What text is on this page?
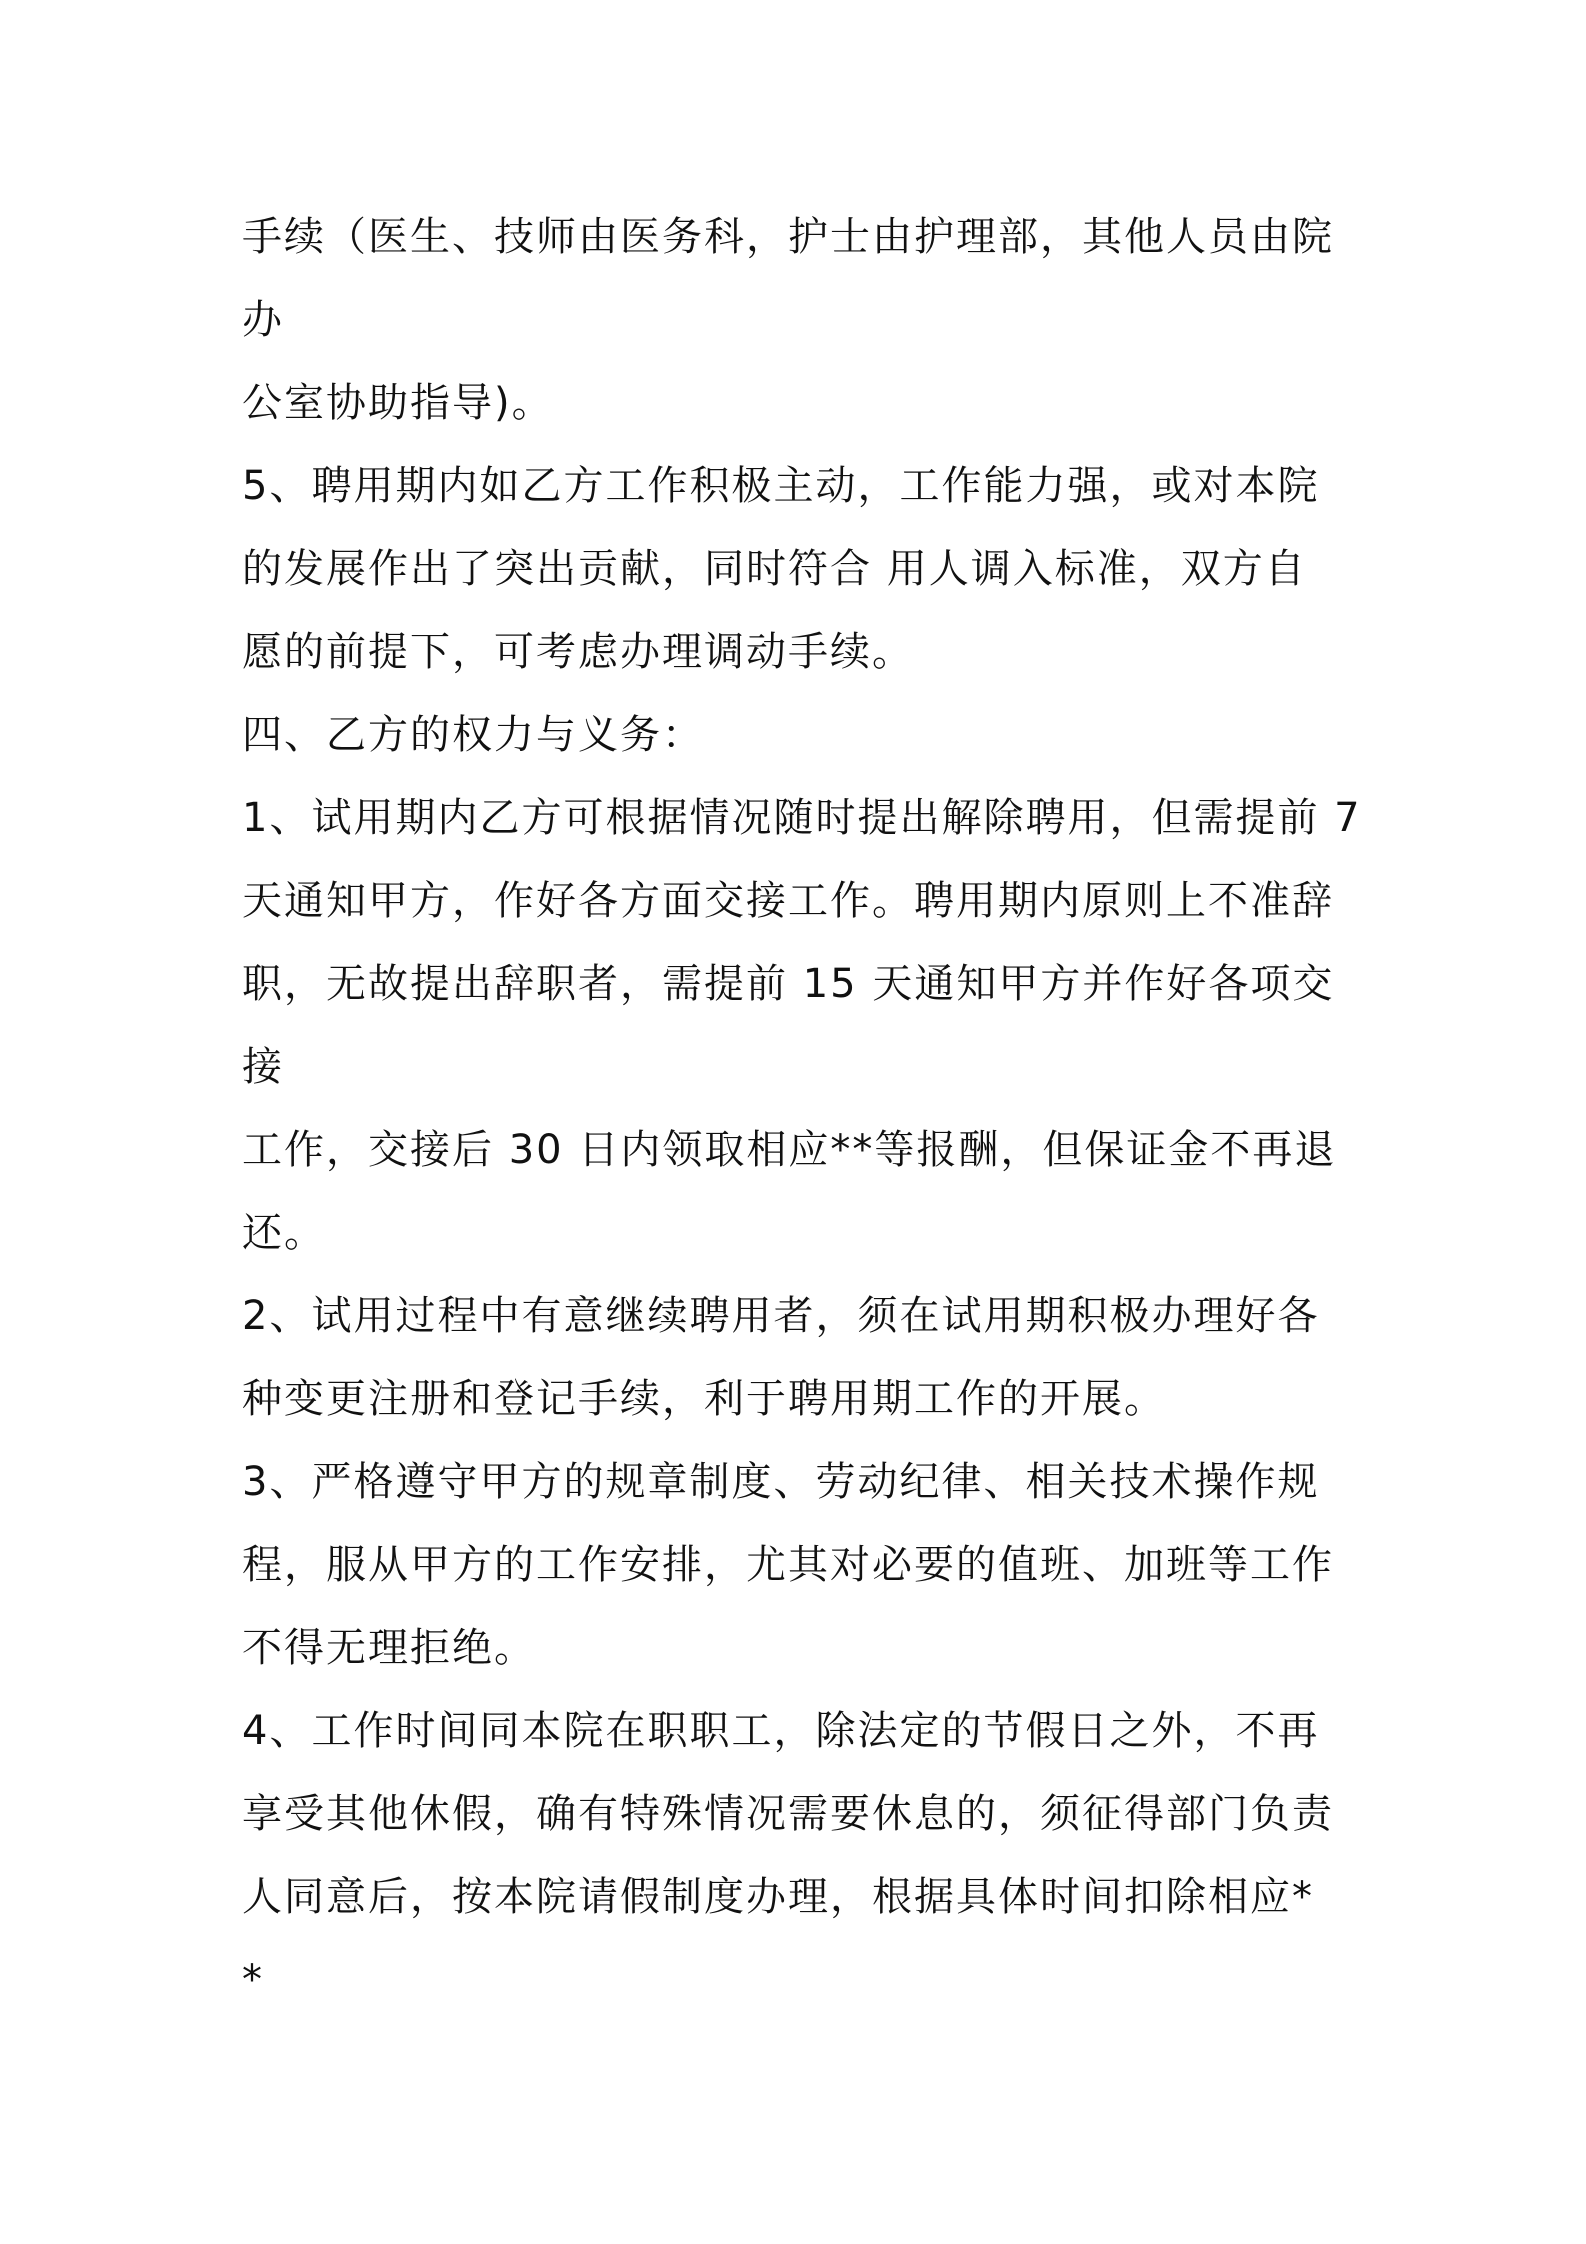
手续（医生、技师由医务科，护士由护理部，其他人员由院
办
公室协助指导)。
5、聘用期内如乙方工作积极主动，工作能力强，或对本院
的发展作出了突出贡献，同时符合 用人调入标准，双方自
愿的前提下，可考虑办理调动手续。
四、乙方的权力与义务：
1、试用期内乙方可根据情况随时提出解除聘用，但需提前 7
天通知甲方，作好各方面交接工作。聘用期内原则上不准辞
职，无故提出辞职者，需提前 15 天通知甲方并作好各项交
接
工作，交接后 30 日内领取相应**等报酬，但保证金不再退
还。
2、试用过程中有意继续聘用者，须在试用期积极办理好各
种变更注册和登记手续，利于聘用期工作的开展。
3、严格遵守甲方的规章制度、劳动纪律、相关技术操作规
程，服从甲方的工作安排，尤其对必要的值班、加班等工作
不得无理拒绝。
4、工作时间同本院在职职工，除法定的节假日之外，不再
享受其他休假，确有特殊情况需要休息的，须征得部门负责
人同意后，按本院请假制度办理，根据具体时间扣除相应*
*
